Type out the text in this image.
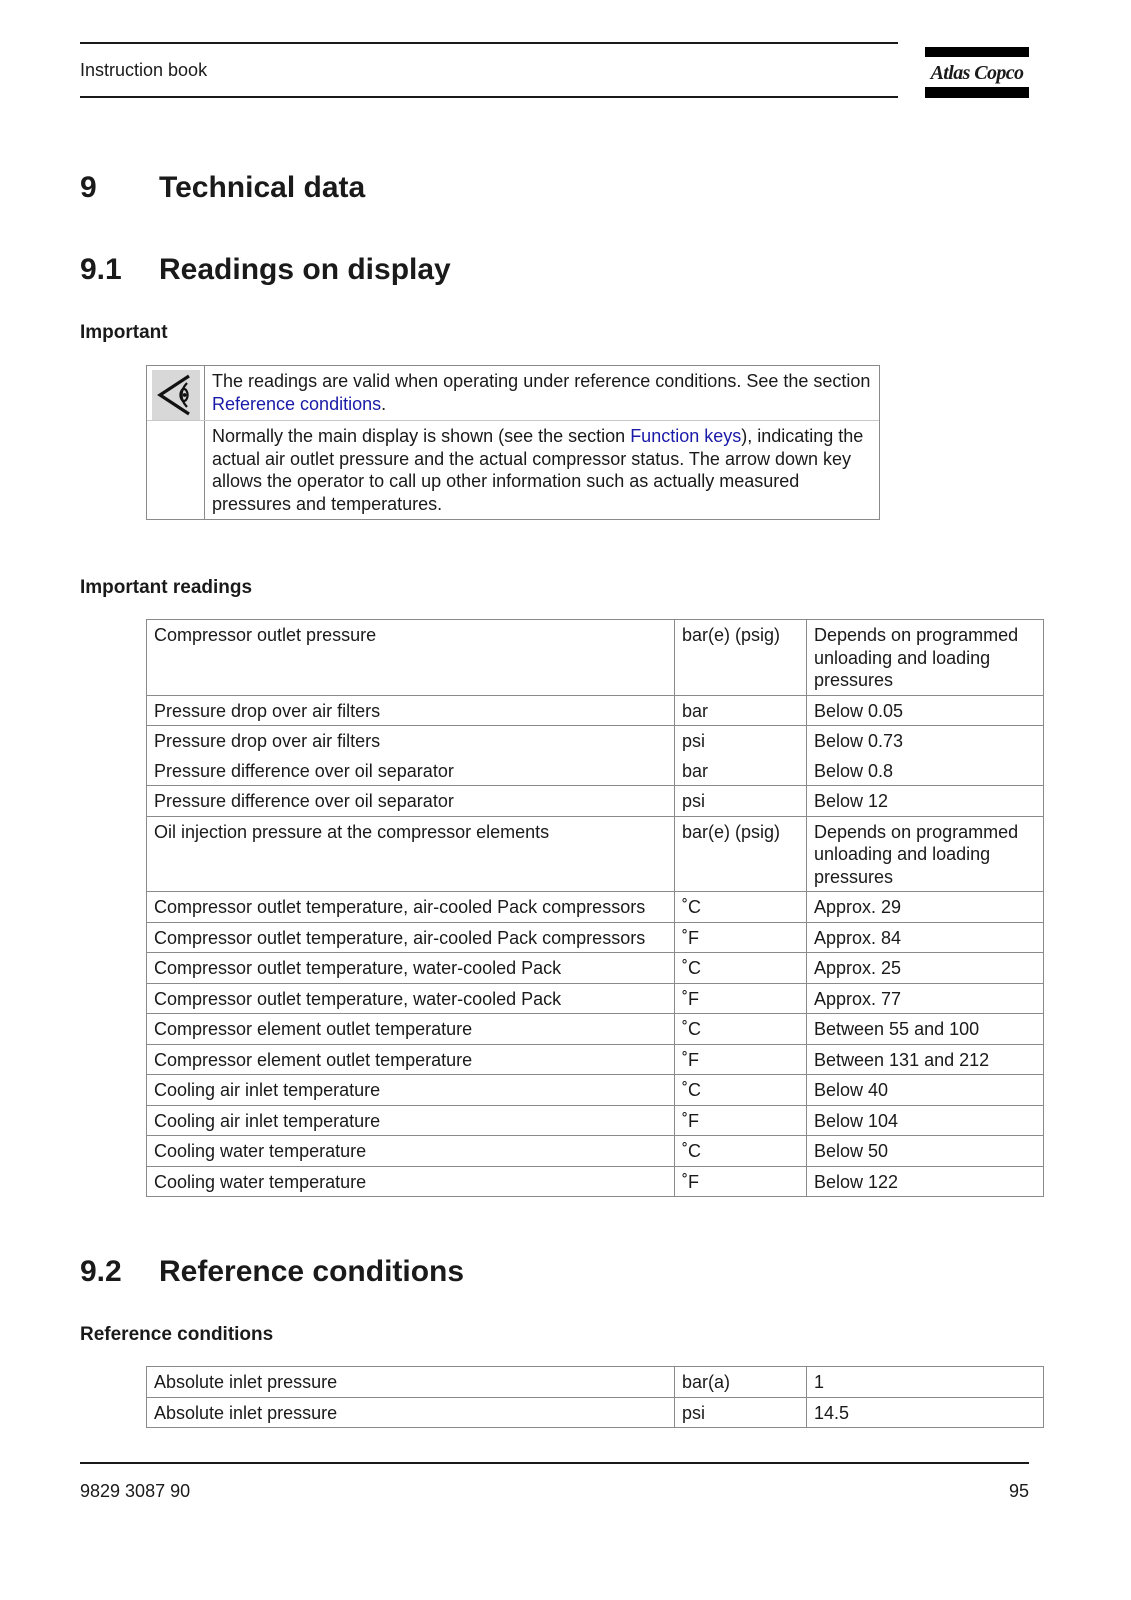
Instruction book	Atlas Copco
9 Technical data
9.1 Readings on display
Important
The readings are valid when operating under reference conditions. See the section Reference conditions.
Normally the main display is shown (see the section Function keys), indicating the actual air outlet pressure and the actual compressor status. The arrow down key allows the operator to call up other information such as actually measured pressures and temperatures.
Important readings
Compressor outlet pressure	bar(e) (psig)	Depends on programmed unloading and loading pressures
Pressure drop over air filters	bar	Below 0.05
Pressure drop over air filters	psi	Below 0.73
Pressure difference over oil separator	bar	Below 0.8
Pressure difference over oil separator	psi	Below 12
Oil injection pressure at the compressor elements	bar(e) (psig)	Depends on programmed unloading and loading pressures
Compressor outlet temperature, air-cooled Pack compressors	˚C	Approx. 29
Compressor outlet temperature, air-cooled Pack compressors	˚F	Approx. 84
Compressor outlet temperature, water-cooled Pack	˚C	Approx. 25
Compressor outlet temperature, water-cooled Pack	˚F	Approx. 77
Compressor element outlet temperature	˚C	Between 55 and 100
Compressor element outlet temperature	˚F	Between 131 and 212
Cooling air inlet temperature	˚C	Below 40
Cooling air inlet temperature	˚F	Below 104
Cooling water temperature	˚C	Below 50
Cooling water temperature	˚F	Below 122
9.2 Reference conditions
Reference conditions
Absolute inlet pressure	bar(a)	1
Absolute inlet pressure	psi	14.5
9829 3087 90	95
